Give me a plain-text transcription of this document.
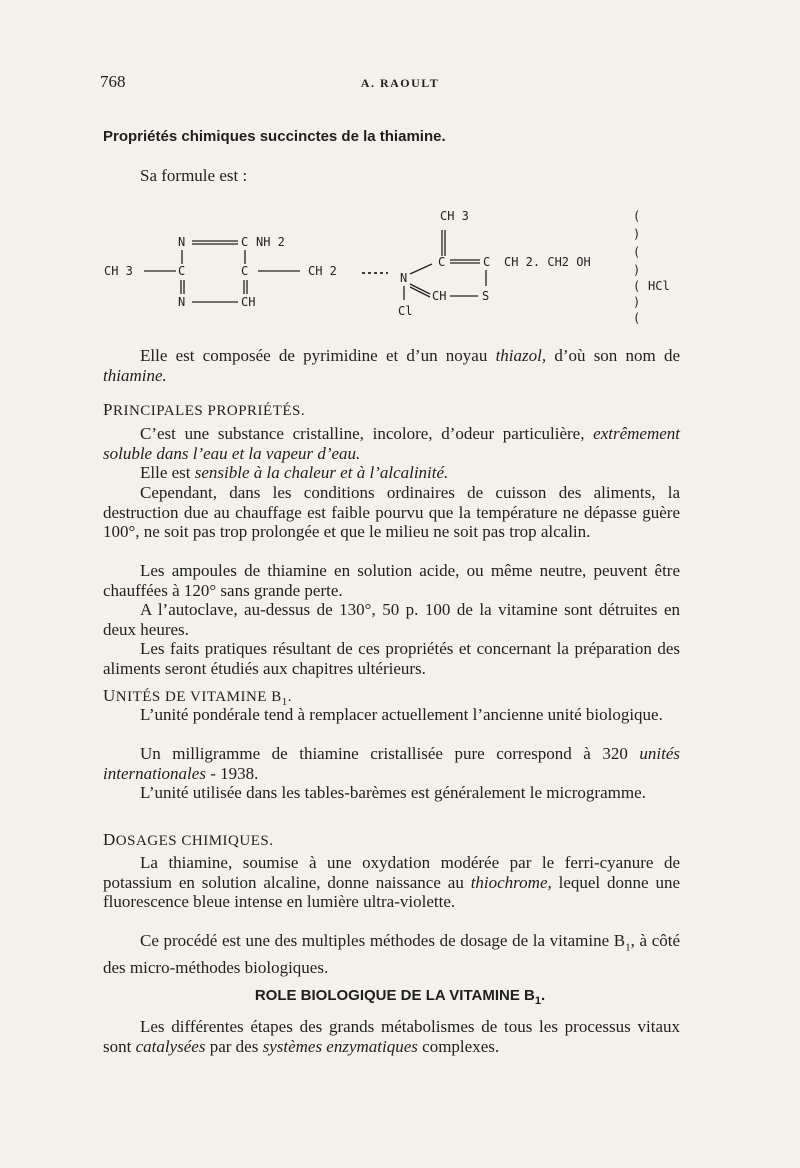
768	A. RAOULT
Propriétés chimiques succinctes de la thiamine.
Sa formule est :
N	C NH 2
CH 3	C	C	CH 2
N	CH
CH 3
N
C	C CH 2. CH2 OH
CH	S
Cl
(
)
(
)
( HCl
)
(
Elle est composée de pyrimidine et d’un noyau thiazol, d’où son nom de thiamine.
PRINCIPALES PROPRIÉTÉS.
C’est une substance cristalline, incolore, d’odeur particulière, extrêmement soluble dans l’eau et la vapeur d’eau.
Elle est sensible à la chaleur et à l’alcalinité.
Cependant, dans les conditions ordinaires de cuisson des aliments, la destruction due au chauffage est faible pourvu que la température ne dépasse guère 100°, ne soit pas trop prolongée et que le milieu ne soit pas trop alcalin.
Les ampoules de thiamine en solution acide, ou même neutre, peuvent être chauffées à 120° sans grande perte.
A l’autoclave, au-dessus de 130°, 50 p. 100 de la vitamine sont détruites en deux heures.
Les faits pratiques résultant de ces propriétés et concernant la préparation des aliments seront étudiés aux chapitres ultérieurs.
UNITÉS DE VITAMINE $B_1$.
L’unité pondérale tend à remplacer actuellement l’ancienne unité biologique.
Un milligramme de thiamine cristallisée pure correspond à 320 unités internationales - 1938.
L’unité utilisée dans les tables-barèmes est généralement le microgramme.
DOSAGES CHIMIQUES.
La thiamine, soumise à une oxydation modérée par le ferri-cyanure de potassium en solution alcaline, donne naissance au thiochrome, lequel donne une fluorescence bleue intense en lumière ultra-violette.
Ce procédé est une des multiples méthodes de dosage de la vitamine $B_1$, à côté des micro-méthodes biologiques.
ROLE BIOLOGIQUE DE LA VITAMINE $B_1$.
Les différentes étapes des grands métabolismes de tous les processus vitaux sont catalysées par des systèmes enzymatiques complexes.
